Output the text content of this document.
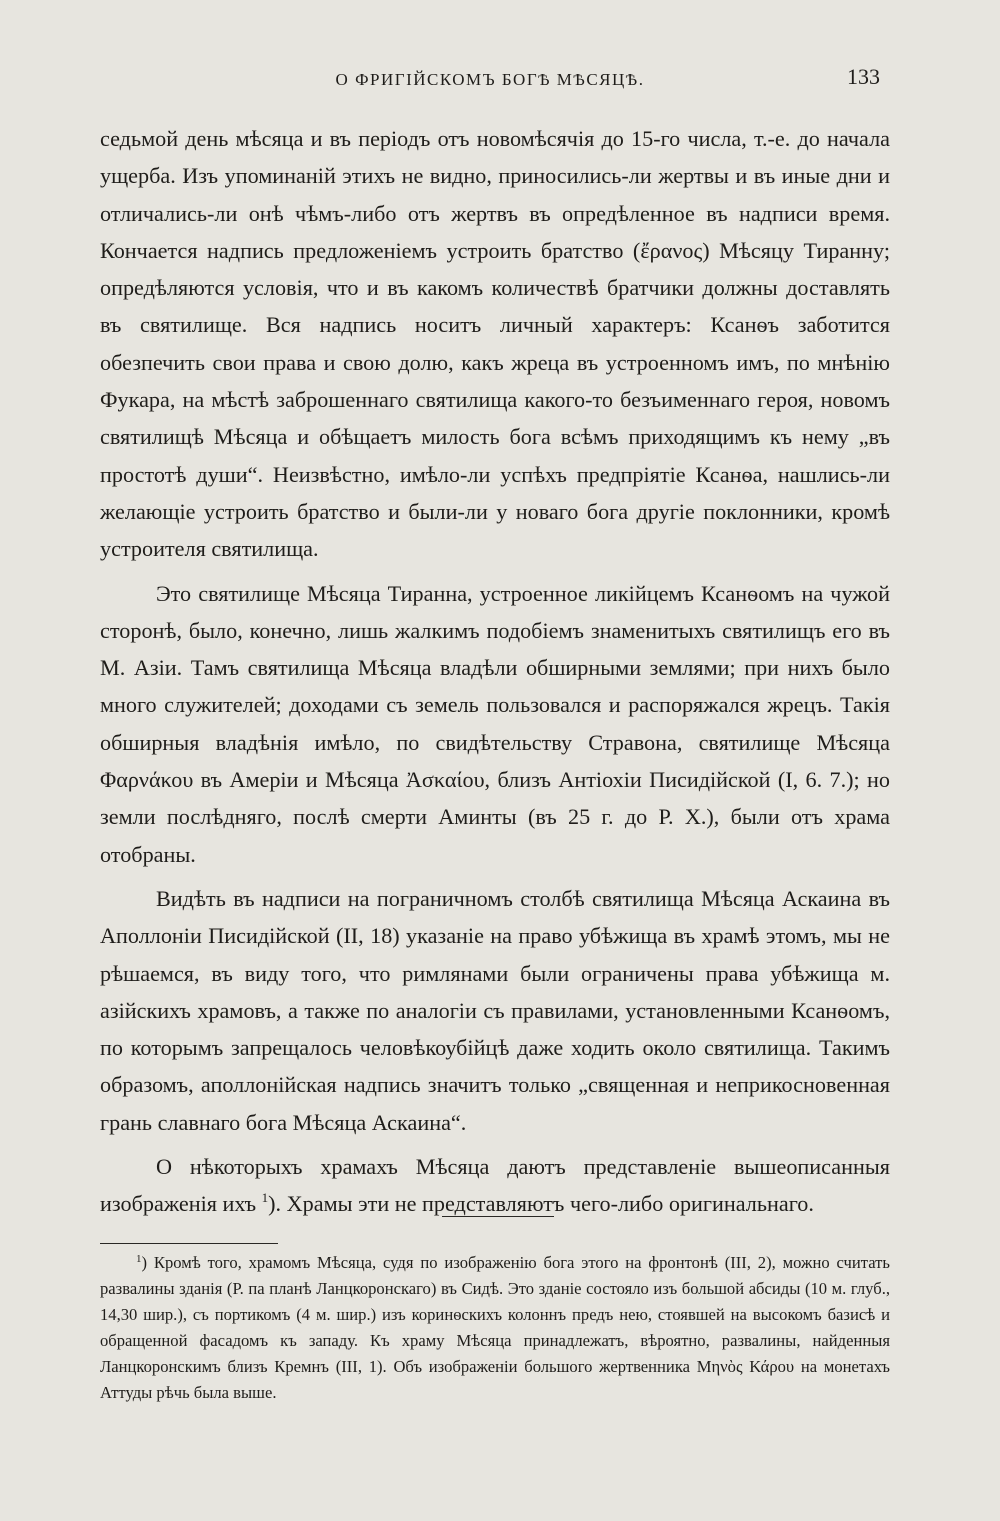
О ФРИГІЙСКОМЪ БОГѢ МѢСЯЦѢ.	133

седьмой день мѣсяца и въ періодъ отъ новомѣсячія до 15-го числа, т.-е. до начала ущерба. Изъ упоминаній этихъ не видно, приносились-ли жертвы и въ иные дни и отличались-ли онѣ чѣмъ-либо отъ жертвъ въ опредѣленное въ надписи время. Кончается надпись предложеніемъ устроить братство (ἔρανος) Мѣсяцу Тиранну; опредѣляются условія, что и въ какомъ количествѣ братчики должны доставлять въ святилище. Вся надпись носитъ личный характеръ: Ксанѳъ заботится обезпечить свои права и свою долю, какъ жреца въ устроенномъ имъ, по мнѣнію Фукара, на мѣстѣ заброшеннаго святилища какого-то безъименнаго героя, новомъ святилищѣ Мѣсяца и обѣщаетъ милость бога всѣмъ приходящимъ къ нему „въ простотѣ души“. Неизвѣстно, имѣло-ли успѣхъ предпріятіе Ксанѳа, нашлись-ли желающіе устроить братство и были-ли у новаго бога другіе поклонники, кромѣ устроителя святилища.

Это святилище Мѣсяца Тиранна, устроенное ликійцемъ Ксанѳомъ на чужой сторонѣ, было, конечно, лишь жалкимъ подобіемъ знаменитыхъ святилищъ его въ М. Азіи. Тамъ святилища Мѣсяца владѣли обширными землями; при нихъ было много служителей; доходами съ земель пользовался и распоряжался жрецъ. Такія обширныя владѣнія имѣло, по свидѣтельству Стравона, святилище Мѣсяца Φαρνάκου въ Амеріи и Мѣсяца Ἀσκαίου, близъ Антіохіи Писидійской (I, 6. 7.); но земли послѣдняго, послѣ смерти Аминты (въ 25 г. до Р. Х.), были отъ храма отобраны.

Видѣть въ надписи на пограничномъ столбѣ святилища Мѣсяца Аскаина въ Аполлоніи Писидійской (II, 18) указаніе на право убѣжища въ храмѣ этомъ, мы не рѣшаемся, въ виду того, что римлянами были ограничены права убѣжища м. азійскихъ храмовъ, а также по аналогіи съ правилами, установленными Ксанѳомъ, по которымъ запрещалось человѣкоубійцѣ даже ходить около святилища. Такимъ образомъ, аполлонійская надпись значитъ только „священная и неприкосновенная грань славнаго бога Мѣсяца Аскаина“.

О нѣкоторыхъ храмахъ Мѣсяца даютъ представленіе вышеописанныя изображенія ихъ $^1$). Храмы эти не представляютъ чего-либо оригинальнаго.

$^1$) Кромѣ того, храмомъ Мѣсяца, судя по изображенію бога этого на фронтонѣ (III, 2), можно считать развалины зданія (Р. па планѣ Ланцкоронскаго) въ Сидѣ. Это зданіе состояло изъ большой абсиды (10 м. глуб., 14,30 шир.), съ портикомъ (4 м. шир.) изъ коринѳскихъ колоннъ предъ нею, стоявшей на высокомъ базисѣ и обращенной фасадомъ къ западу. Къ храму Мѣсяца принадлежатъ, вѣроятно, развалины, найденныя Ланцкоронскимъ близъ Кремнъ (III, 1). Объ изображеніи большого жертвенника Μηνὸς Κάρου на монетахъ Аттуды рѣчь была выше.
